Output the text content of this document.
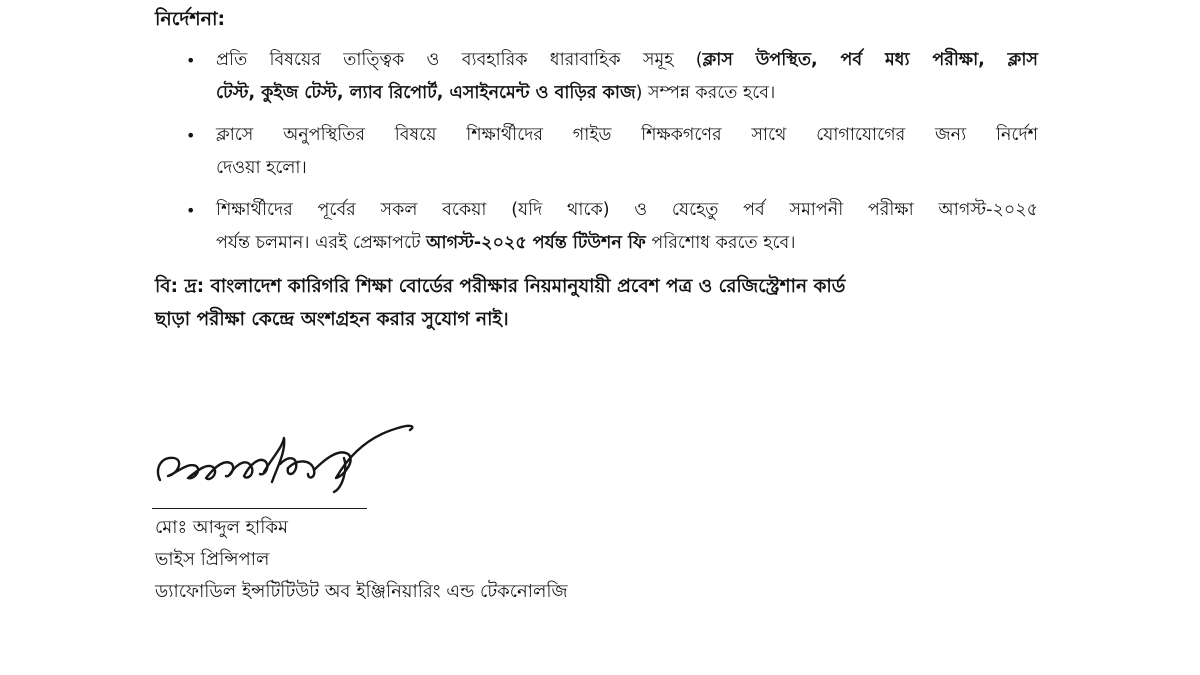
নির্দেশনা:
• প্রতি বিষয়ের তাত্ত্বিক ও ব্যবহারিক ধারাবাহিক সমূহ (ক্লাস উপস্থিত, পর্ব মধ্য পরীক্ষা, ক্লাস
টেস্ট, কুইজ টেস্ট, ল্যাব রিপোর্ট, এসাইনমেন্ট ও বাড়ির কাজ) সম্পন্ন করতে হবে।
• ক্লাসে অনুপস্থিতির বিষয়ে শিক্ষার্থীদের গাইড শিক্ষকগণের সাথে যোগাযোগের জন্য নির্দেশ
দেওয়া হলো।
• শিক্ষার্থীদের পূর্বের সকল বকেয়া (যদি থাকে) ও যেহেতু পর্ব সমাপনী পরীক্ষা আগস্ট-২০২৫
পর্যন্ত চলমান। এরই প্রেক্ষাপটে আগস্ট-২০২৫ পর্যন্ত টিউশন ফি পরিশোধ করতে হবে।
বি: দ্র: বাংলাদেশ কারিগরি শিক্ষা বোর্ডের পরীক্ষার নিয়মানুযায়ী প্রবেশ পত্র ও রেজিস্ট্রেশান কার্ড
ছাড়া পরীক্ষা কেন্দ্রে অংশগ্রহন করার সুযোগ নাই।
মোঃ আব্দুল হাকিম
ভাইস প্রিন্সিপাল
ড্যাফোডিল ইন্সটিটিউট অব ইঞ্জিনিয়ারিং এন্ড টেকনোলজি
